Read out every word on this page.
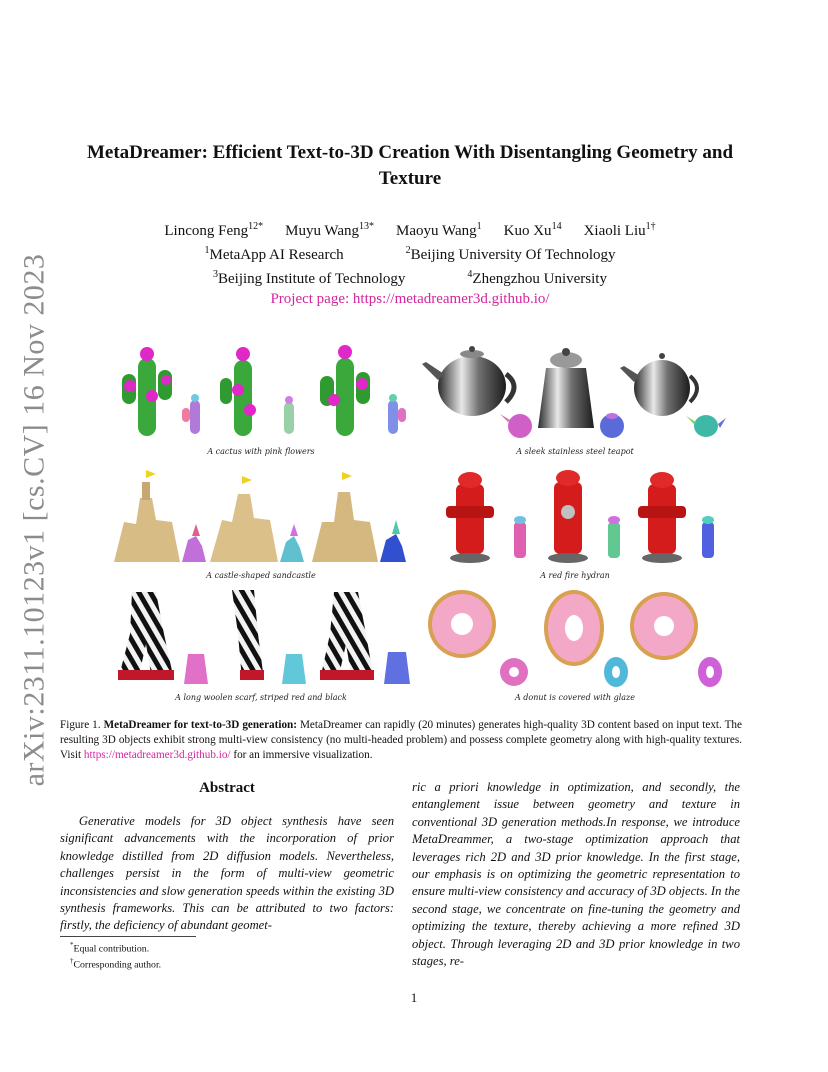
arXiv:2311.10123v1 [cs.CV] 16 Nov 2023
MetaDreamer: Efficient Text-to-3D Creation With Disentangling Geometry and Texture
Lincong Feng$^{12*}$ Muyu Wang$^{13*}$ Maoyu Wang$^1$ Kuo Xu$^{14}$ Xiaoli Liu$^{1\dagger}$
$^1$MetaApp AI Research	$^2$Beijing University Of Technology
$^3$Beijing Institute of Technology	$^4$Zhengzhou University
Project page: https://metadreamer3d.github.io/
A cactus with pink flowers	A sleek stainless steel teapot
A castle-shaped sandcastle	A red fire hydran
A long woolen scarf, striped red and black	A donut is covered with glaze
Figure 1. MetaDreamer for text-to-3D generation: MetaDreamer can rapidly (20 minutes) generates high-quality 3D content based on input text. The resulting 3D objects exhibit strong multi-view consistency (no multi-headed problem) and possess complete geometry along with high-quality textures. Visit https://metadreamer3d.github.io/ for an immersive visualization.
Abstract
Generative models for 3D object synthesis have seen significant advancements with the incorporation of prior knowledge distilled from 2D diffusion models. Nevertheless, challenges persist in the form of multi-view geometric inconsistencies and slow generation speeds within the existing 3D synthesis frameworks. This can be attributed to two factors: firstly, the deficiency of abundant geomet-
ric a priori knowledge in optimization, and secondly, the entanglement issue between geometry and texture in conventional 3D generation methods.In response, we introduce MetaDreammer, a two-stage optimization approach that leverages rich 2D and 3D prior knowledge. In the first stage, our emphasis is on optimizing the geometric representation to ensure multi-view consistency and accuracy of 3D objects. In the second stage, we concentrate on fine-tuning the geometry and optimizing the texture, thereby achieving a more refined 3D object. Through leveraging 2D and 3D prior knowledge in two stages, re-
*Equal contribution.
†Corresponding author.
1
